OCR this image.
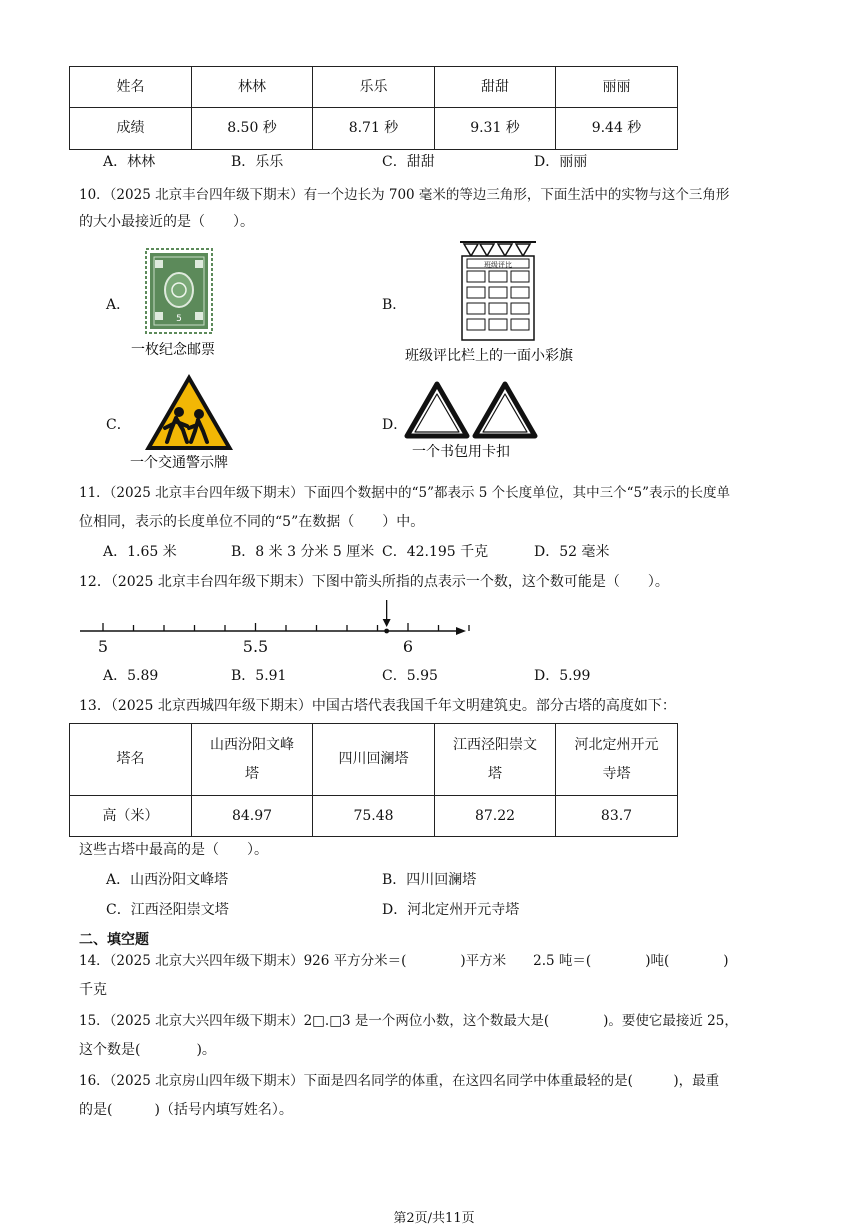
姓名	林林	乐乐	甜甜	丽丽
成绩	8.50 秒	8.71 秒	9.31 秒	9.44 秒
A．林林	B．乐乐	C．甜甜	D．丽丽
10．（2025 北京丰台四年级下期末）有一个边长为 700 毫米的等边三角形，下面生活中的实物与这个三角形
的大小最接近的是（　　）。
A．	B．
C．	D．
5
一枚纪念邮票
班级评比
班级评比栏上的一面小彩旗
一个交通警示牌
一个书包用卡扣
11．（2025 北京丰台四年级下期末）下面四个数据中的“5”都表示 5 个长度单位，其中三个“5”表示的长度单
位相同，表示的长度单位不同的“5”在数据（　　）中。
A．1.65 米	B．8 米 3 分米 5 厘米 C．42.195 千克	D．52 毫米
12．（2025 北京丰台四年级下期末）下图中箭头所指的点表示一个数，这个数可能是（　　）。
5	5.5	6
A．5.89	B．5.91	C．5.95	D．5.99
13．（2025 北京西城四年级下期末）中国古塔代表我国千年文明建筑史。部分古塔的高度如下：
塔名	山西汾阳文峰塔	四川回澜塔	江西泾阳崇文塔	河北定州开元寺塔
高（米）	84.97	75.48	87.22	83.7
这些古塔中最高的是（　　）。
A．山西汾阳文峰塔	B．四川回澜塔
C．江西泾阳崇文塔	D．河北定州开元寺塔
二、填空题
14．（2025 北京大兴四年级下期末）926 平方分米＝(　　　　)平方米　　2.5 吨＝(　　　　)吨(　　　　)
千克
15．（2025 北京大兴四年级下期末）2□.□3 是一个两位小数，这个数最大是(　　　　)。要使它最接近 25，
这个数是(　　　　)。
16．（2025 北京房山四年级下期末）下面是四名同学的体重，在这四名同学中体重最轻的是(　　　)，最重
的是(　　　)（括号内填写姓名）。
第2页/共11页
